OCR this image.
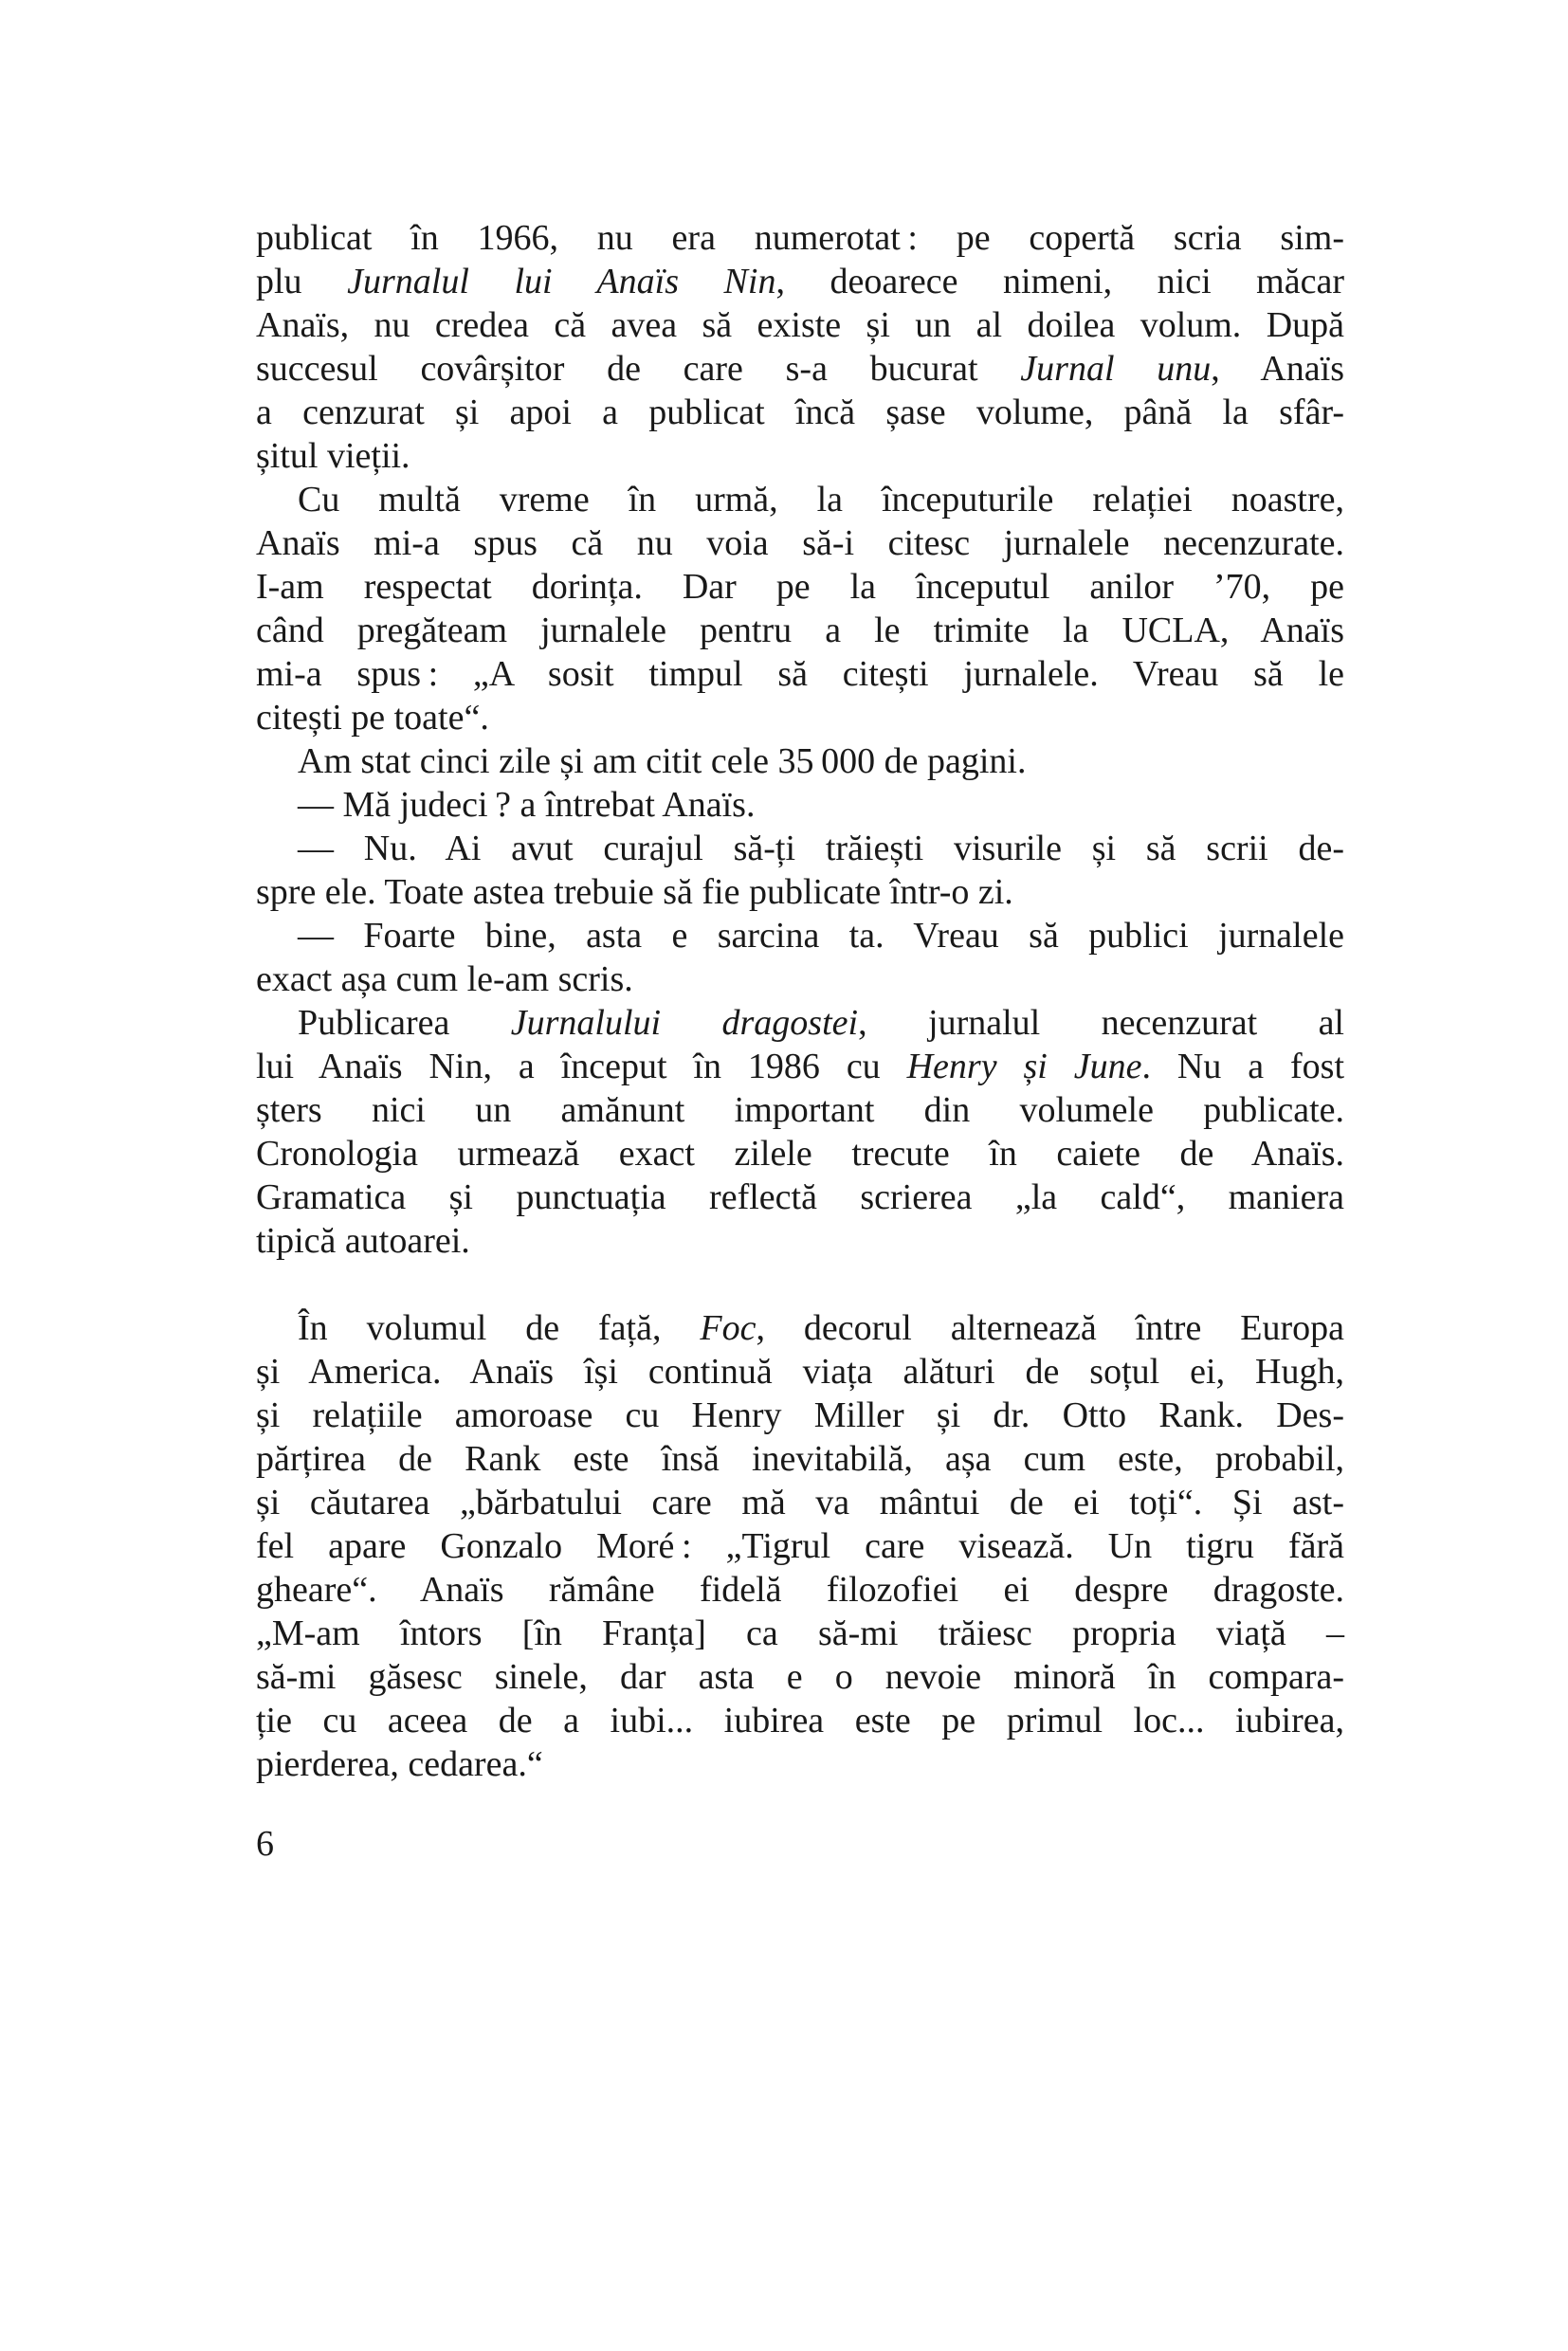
publicat în 1966, nu era numerotat : pe copertă scria sim-
plu Jurnalul lui Anaïs Nin, deoarece nimeni, nici măcar
Anaïs, nu credea că avea să existe și un al doilea volum. După
succesul covârșitor de care s-a bucurat Jurnal unu, Anaïs
a cenzurat și apoi a publicat încă șase volume, până la sfâr-
șitul vieții.
Cu multă vreme în urmă, la începuturile relației noastre,
Anaïs mi-a spus că nu voia să-i citesc jurnalele necenzurate.
I-am respectat dorința. Dar pe la începutul anilor ’70, pe
când pregăteam jurnalele pentru a le trimite la UCLA, Anaïs
mi-a spus : „A sosit timpul să citești jurnalele. Vreau să le
citești pe toate“.
Am stat cinci zile și am citit cele 35 000 de pagini.
— Mă judeci ? a întrebat Anaïs.
— Nu. Ai avut curajul să-ți trăiești visurile și să scrii de-
spre ele. Toate astea trebuie să fie publicate într-o zi.
— Foarte bine, asta e sarcina ta. Vreau să publici jurnalele
exact așa cum le-am scris.
Publicarea Jurnalului dragostei, jurnalul necenzurat al
lui Anaïs Nin, a început în 1986 cu Henry și June. Nu a fost
șters nici un amănunt important din volumele publicate.
Cronologia urmează exact zilele trecute în caiete de Anaïs.
Gramatica și punctuația reflectă scrierea „la cald“, maniera
tipică autoarei.
În volumul de față, Foc, decorul alternează între Europa
și America. Anaïs își continuă viața alături de soțul ei, Hugh,
și relațiile amoroase cu Henry Miller și dr. Otto Rank. Des-
părțirea de Rank este însă inevitabilă, așa cum este, probabil,
și căutarea „bărbatului care mă va mântui de ei toți“. Și ast-
fel apare Gonzalo Moré : „Tigrul care visează. Un tigru fără
gheare“. Anaïs rămâne fidelă filozofiei ei despre dragoste.
„M-am întors [în Franța] ca să-mi trăiesc propria viață –
să-mi găsesc sinele, dar asta e o nevoie minoră în compara-
ție cu aceea de a iubi... iubirea este pe primul loc... iubirea,
pierderea, cedarea.“
6
